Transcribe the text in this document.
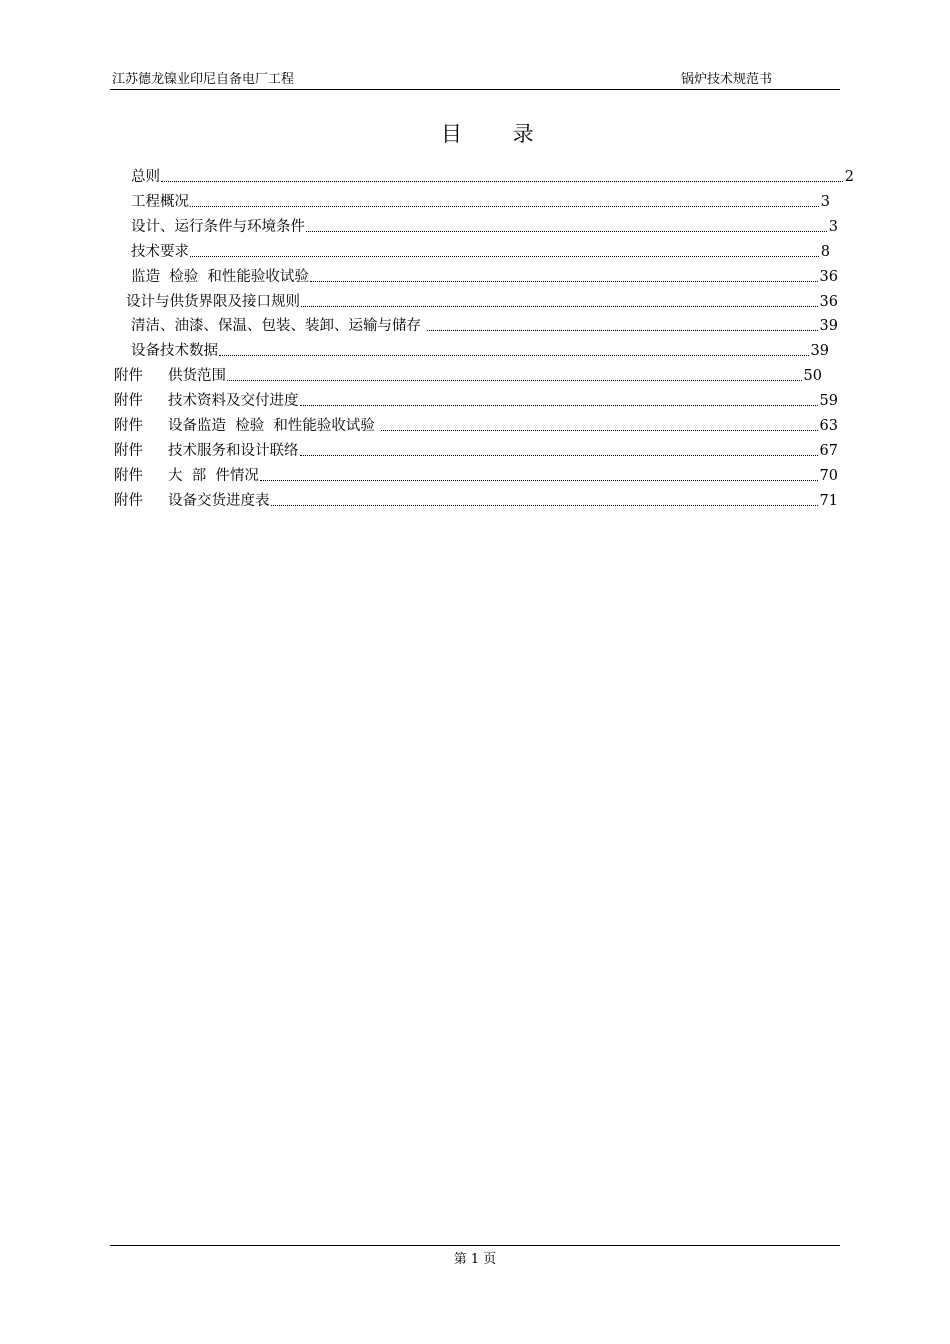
江苏德龙镍业印尼自备电厂工程	锅炉技术规范书
目 录
总则	2
工程概况	3
设计、运行条件与环境条件	3
技术要求	8
监造  检验  和性能验收试验	36
设计与供货界限及接口规则	36
清洁、油漆、保温、包装、装卸、运输与储存	39
设备技术数据	39
附件	供货范围	50
附件	技术资料及交付进度	59
附件	设备监造  检验  和性能验收试验	63
附件	技术服务和设计联络	67
附件	大  部  件情况	70
附件	设备交货进度表	71
第 1 页
